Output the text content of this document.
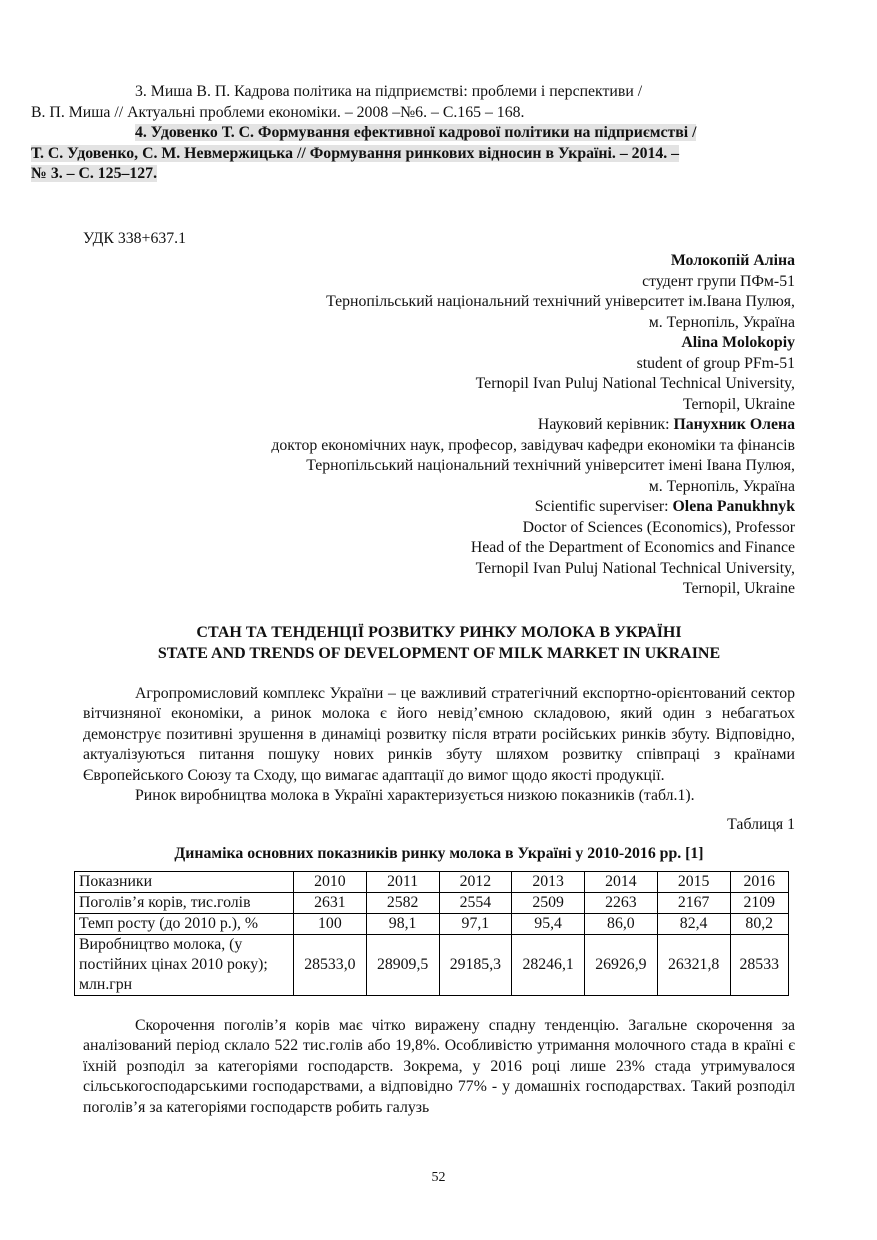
3. Миша В. П. Кадрова політика на підприємстві: проблеми і перспективи /
В. П. Миша // Актуальні проблеми економіки. – 2008 –№6. – С.165 – 168.

4. Удовенко Т. С. Формування ефективної кадрової політики на підприємстві /
Т. С. Удовенко, С. М. Невмержицька // Формування ринкових відносин в Україні. – 2014. –
№ 3. – С. 125–127.

УДК 338+637.1
Молокопій Аліна
студент групи ПФм-51
Тернопільський національний технічний університет ім.Івана Пулюя,
м. Тернопіль, Україна
Alina Molokopiy
student of group PFm-51
Ternopil Ivan Puluj National Technical University,
Ternopil, Ukraine
Науковий керівник: Панухник Олена
доктор економічних наук, професор, завідувач кафедри економіки та фінансів
Тернопільський національний технічний університет імені Івана Пулюя,
м. Тернопіль, Україна
Scientific superviser: Olena Panukhnyk
Doctor of Sciences (Economics), Professor
Head of the Department of Economics and Finance
Ternopil Ivan Puluj National Technical University,
Ternopil, Ukraine
СТАН ТА ТЕНДЕНЦІЇ РОЗВИТКУ РИНКУ МОЛОКА В УКРАЇНІ
STATE AND TRENDS OF DEVELOPMENT OF MILK MARKET IN UKRAINE

Агропромисловий комплекс України – це важливий стратегічний експортно-орієнтований сектор вітчизняної економіки, а ринок молока є його невід’ємною складовою, який один з небагатьох демонструє позитивні зрушення в динаміці розвитку після втрати російських ринків збуту. Відповідно, актуалізуються питання пошуку нових ринків збуту шляхом розвитку співпраці з країнами Європейського Союзу та Сходу, що вимагає адаптації до вимог щодо якості продукції.

Ринок виробництва молока в Україні характеризується низкою показників (табл.1).

Таблиця 1
Динаміка основних показників ринку молока в Україні у 2010-2016 рр. [1]
Показники	2010	2011	2012	2013	2014	2015	2016
Поголів’я корів, тис.голів	2631	2582	2554	2509	2263	2167	2109
Темп росту (до 2010 р.), %	100	98,1	97,1	95,4	86,0	82,4	80,2
Виробництво молока, (у постійних цінах 2010 року); млн.грн	28533,0	28909,5	29185,3	28246,1	26926,9	26321,8	28533

Скорочення поголів’я корів має чітко виражену спадну тенденцію. Загальне скорочення за аналізований період склало 522 тис.голів або 19,8%. Особливістю утримання молочного стада в країні є їхній розподіл за категоріями господарств. Зокрема, у 2016 році лише 23% стада утримувалося сільськогосподарськими господарствами, а відповідно 77% - у домашніх господарствах. Такий розподіл поголів’я за категоріями господарств робить галузь

52
